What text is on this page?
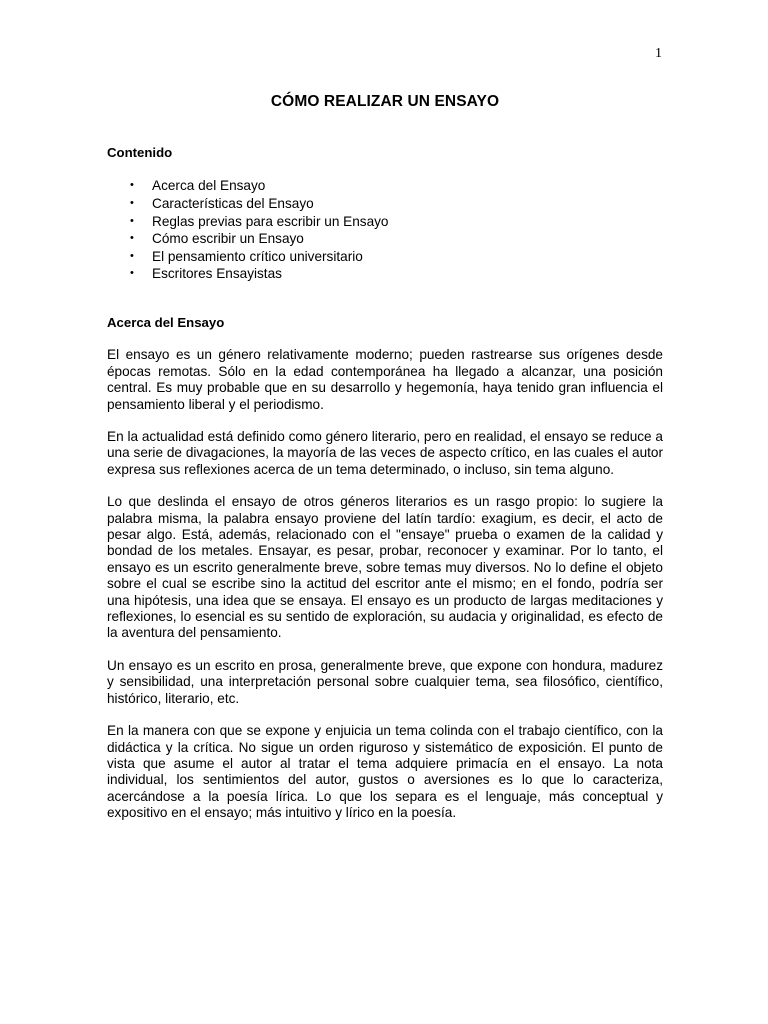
1
CÓMO REALIZAR UN ENSAYO

Contenido

• Acerca del Ensayo
• Características del Ensayo
• Reglas previas para escribir un Ensayo
• Cómo escribir un Ensayo
• El pensamiento crítico universitario
• Escritores Ensayistas

Acerca del Ensayo

El ensayo es un género relativamente moderno; pueden rastrearse sus orígenes desde épocas remotas. Sólo en la edad contemporánea ha llegado a alcanzar, una posición central. Es muy probable que en su desarrollo y hegemonía, haya tenido gran influencia el pensamiento liberal y el periodismo.

En la actualidad está definido como género literario, pero en realidad, el ensayo se reduce a una serie de divagaciones, la mayoría de las veces de aspecto crítico, en las cuales el autor expresa sus reflexiones acerca de un tema determinado, o incluso, sin tema alguno.

Lo que deslinda el ensayo de otros géneros literarios es un rasgo propio: lo sugiere la palabra misma, la palabra ensayo proviene del latín tardío: exagium, es decir, el acto de pesar algo. Está, además, relacionado con el "ensaye" prueba o examen de la calidad y bondad de los metales. Ensayar, es pesar, probar, reconocer y examinar. Por lo tanto, el ensayo es un escrito generalmente breve, sobre temas muy diversos. No lo define el objeto sobre el cual se escribe sino la actitud del escritor ante el mismo; en el fondo, podría ser una hipótesis, una idea que se ensaya. El ensayo es un producto de largas meditaciones y reflexiones, lo esencial es su sentido de exploración, su audacia y originalidad, es efecto de la aventura del pensamiento.

Un ensayo es un escrito en prosa, generalmente breve, que expone con hondura, madurez y sensibilidad, una interpretación personal sobre cualquier tema, sea filosófico, científico, histórico, literario, etc.

En la manera con que se expone y enjuicia un tema colinda con el trabajo científico, con la didáctica y la crítica. No sigue un orden riguroso y sistemático de exposición. El punto de vista que asume el autor al tratar el tema adquiere primacía en el ensayo. La nota individual, los sentimientos del autor, gustos o aversiones es lo que lo caracteriza, acercándose a la poesía lírica. Lo que los separa es el lenguaje, más conceptual y expositivo en el ensayo; más intuitivo y lírico en la poesía.
